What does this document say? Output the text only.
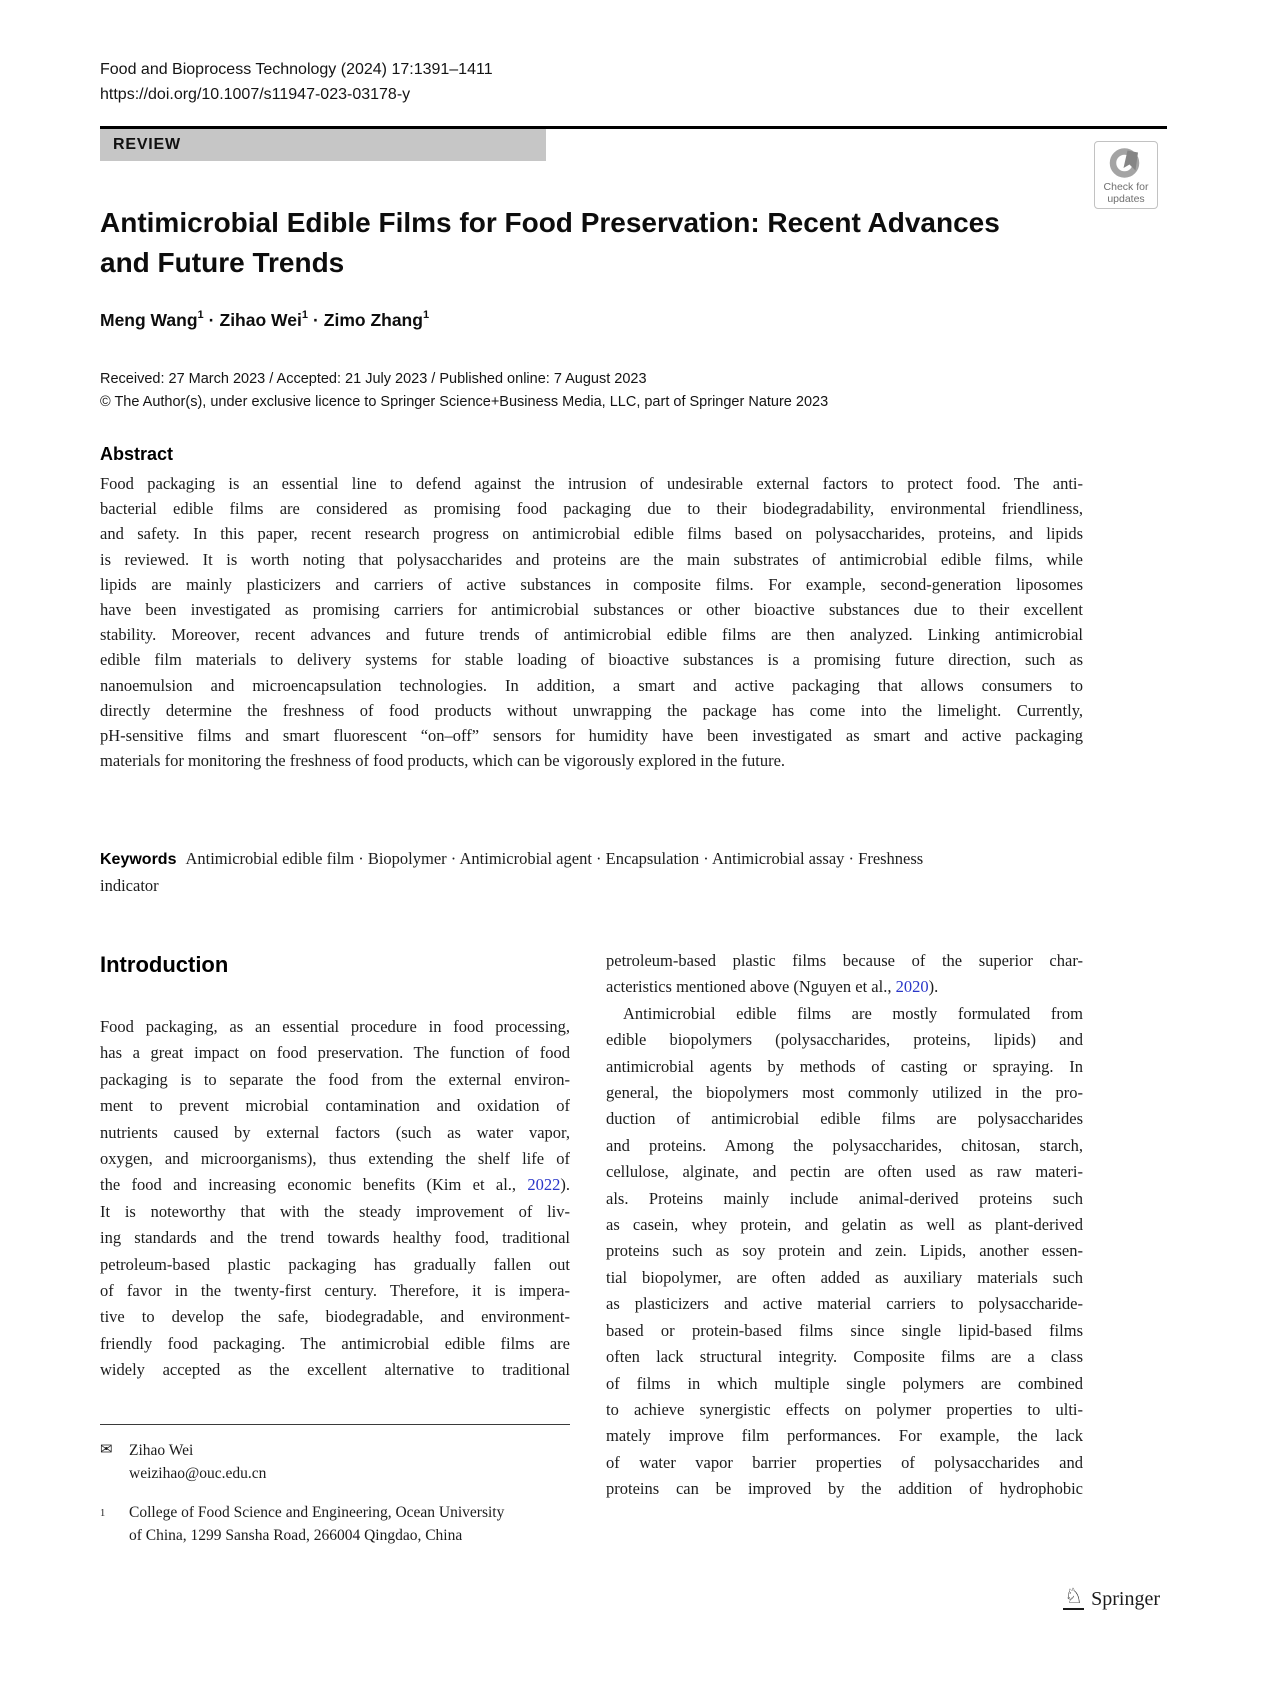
Food and Bioprocess Technology (2024) 17:1391–1411
https://doi.org/10.1007/s11947-023-03178-y
REVIEW
Check for
updates
Antimicrobial Edible Films for Food Preservation: Recent Advances
and Future Trends
Meng Wang$^1$ · Zihao Wei$^1$ · Zimo Zhang$^1$
Received: 27 March 2023 / Accepted: 21 July 2023 / Published online: 7 August 2023
© The Author(s), under exclusive licence to Springer Science+Business Media, LLC, part of Springer Nature 2023
Abstract
Food packaging is an essential line to defend against the intrusion of undesirable external factors to protect food. The anti-
bacterial edible films are considered as promising food packaging due to their biodegradability, environmental friendliness,
and safety. In this paper, recent research progress on antimicrobial edible films based on polysaccharides, proteins, and lipids
is reviewed. It is worth noting that polysaccharides and proteins are the main substrates of antimicrobial edible films, while
lipids are mainly plasticizers and carriers of active substances in composite films. For example, second-generation liposomes
have been investigated as promising carriers for antimicrobial substances or other bioactive substances due to their excellent
stability. Moreover, recent advances and future trends of antimicrobial edible films are then analyzed. Linking antimicrobial
edible film materials to delivery systems for stable loading of bioactive substances is a promising future direction, such as
nanoemulsion and microencapsulation technologies. In addition, a smart and active packaging that allows consumers to
directly determine the freshness of food products without unwrapping the package has come into the limelight. Currently,
pH-sensitive films and smart fluorescent “on–off” sensors for humidity have been investigated as smart and active packaging
materials for monitoring the freshness of food products, which can be vigorously explored in the future.
Keywords Antimicrobial edible film · Biopolymer · Antimicrobial agent · Encapsulation · Antimicrobial assay · Freshness
indicator
Introduction
Food packaging, as an essential procedure in food processing,
has a great impact on food preservation. The function of food
packaging is to separate the food from the external environ-
ment to prevent microbial contamination and oxidation of
nutrients caused by external factors (such as water vapor,
oxygen, and microorganisms), thus extending the shelf life of
the food and increasing economic benefits (Kim et al., 2022).
It is noteworthy that with the steady improvement of liv-
ing standards and the trend towards healthy food, traditional
petroleum-based plastic packaging has gradually fallen out
of favor in the twenty-first century. Therefore, it is impera-
tive to develop the safe, biodegradable, and environment-
friendly food packaging. The antimicrobial edible films are
widely accepted as the excellent alternative to traditional
petroleum-based plastic films because of the superior char-
acteristics mentioned above (Nguyen et al., 2020).
Antimicrobial edible films are mostly formulated from
edible biopolymers (polysaccharides, proteins, lipids) and
antimicrobial agents by methods of casting or spraying. In
general, the biopolymers most commonly utilized in the pro-
duction of antimicrobial edible films are polysaccharides
and proteins. Among the polysaccharides, chitosan, starch,
cellulose, alginate, and pectin are often used as raw materi-
als. Proteins mainly include animal-derived proteins such
as casein, whey protein, and gelatin as well as plant-derived
proteins such as soy protein and zein. Lipids, another essen-
tial biopolymer, are often added as auxiliary materials such
as plasticizers and active material carriers to polysaccharide-
based or protein-based films since single lipid-based films
often lack structural integrity. Composite films are a class
of films in which multiple single polymers are combined
to achieve synergistic effects on polymer properties to ulti-
mately improve film performances. For example, the lack
of water vapor barrier properties of polysaccharides and
proteins can be improved by the addition of hydrophobic
✉	Zihao Wei
weizihao@ouc.edu.cn
1	College of Food Science and Engineering, Ocean University
of China, 1299 Sansha Road, 266004 Qingdao, China
♘ Springer
